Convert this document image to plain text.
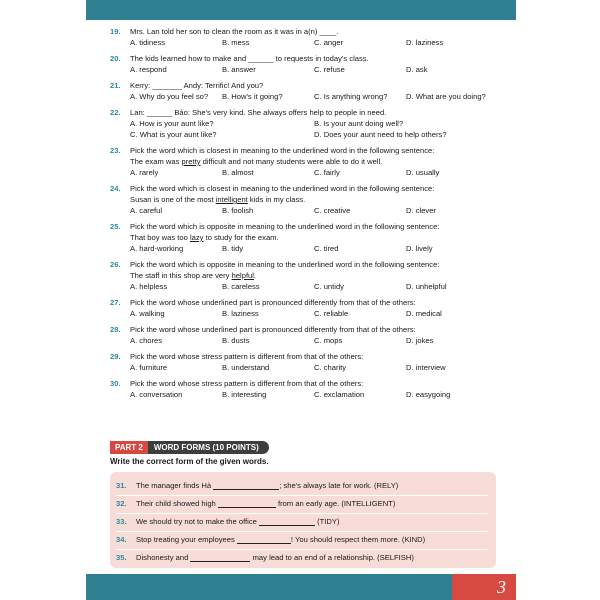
19.	Mrs. Lan told her son to clean the room as it was in a(n) ____.
A. tidiness	B. mess	C. anger	D. laziness
20.	The kids learned how to make and ______ to requests in today's class.
A. respond	B. answer	C. refuse	D. ask
21.	Kerry: _______ Andy: Terrific! And you?
A. Why do you feel so?	B. How's it going?	C. Is anything wrong?	D. What are you doing?
22.	Lan: ______ Bảo: She's very kind. She always offers help to people in need.
A. How is your aunt like?	B. Is your aunt doing well?
C. What is your aunt like?	D. Does your aunt need to help others?
23.	Pick the word which is closest in meaning to the underlined word in the following sentence:
The exam was pretty difficult and not many students were able to do it well.
A. rarely	B. almost	C. fairly	D. usually
24.	Pick the word which is closest in meaning to the underlined word in the following sentence:
Susan is one of the most intelligent kids in my class.
A. careful	B. foolish	C. creative	D. clever
25.	Pick the word which is opposite in meaning to the underlined word in the following sentence:
That boy was too lazy to study for the exam.
A. hard-working	B. tidy	C. tired	D. lively
26.	Pick the word which is opposite in meaning to the underlined word in the following sentence:
The staff in this shop are very helpful.
A. helpless	B. careless	C. untidy	D. unhelpful
27.	Pick the word whose underlined part is pronounced differently from that of the others:
A. walking	B. laziness	C. reliable	D. medical
28.	Pick the word whose underlined part is pronounced differently from that of the others:
A. chores	B. dusts	C. mops	D. jokes
29.	Pick the word whose stress pattern is different from that of the others:
A. furniture	B. understand	C. charity	D. interview
30.	Pick the word whose stress pattern is different from that of the others:
A. conversation	B. interesting	C. exclamation	D. easygoing
PART 2	WORD FORMS (10 POINTS)
Write the correct form of the given words.
31.	The manager finds Hà
	; she's always late for work. (RELY)
32.	Their child showed high

	from an early age. (INTELLIGENT)
33.	We should try not to make the office

	(TIDY)
34.	Stop treating your employees
	! You should respect them more. (KIND)
35.	Dishonesty and

	may lead to an end of a relationship. (SELFISH)
3
